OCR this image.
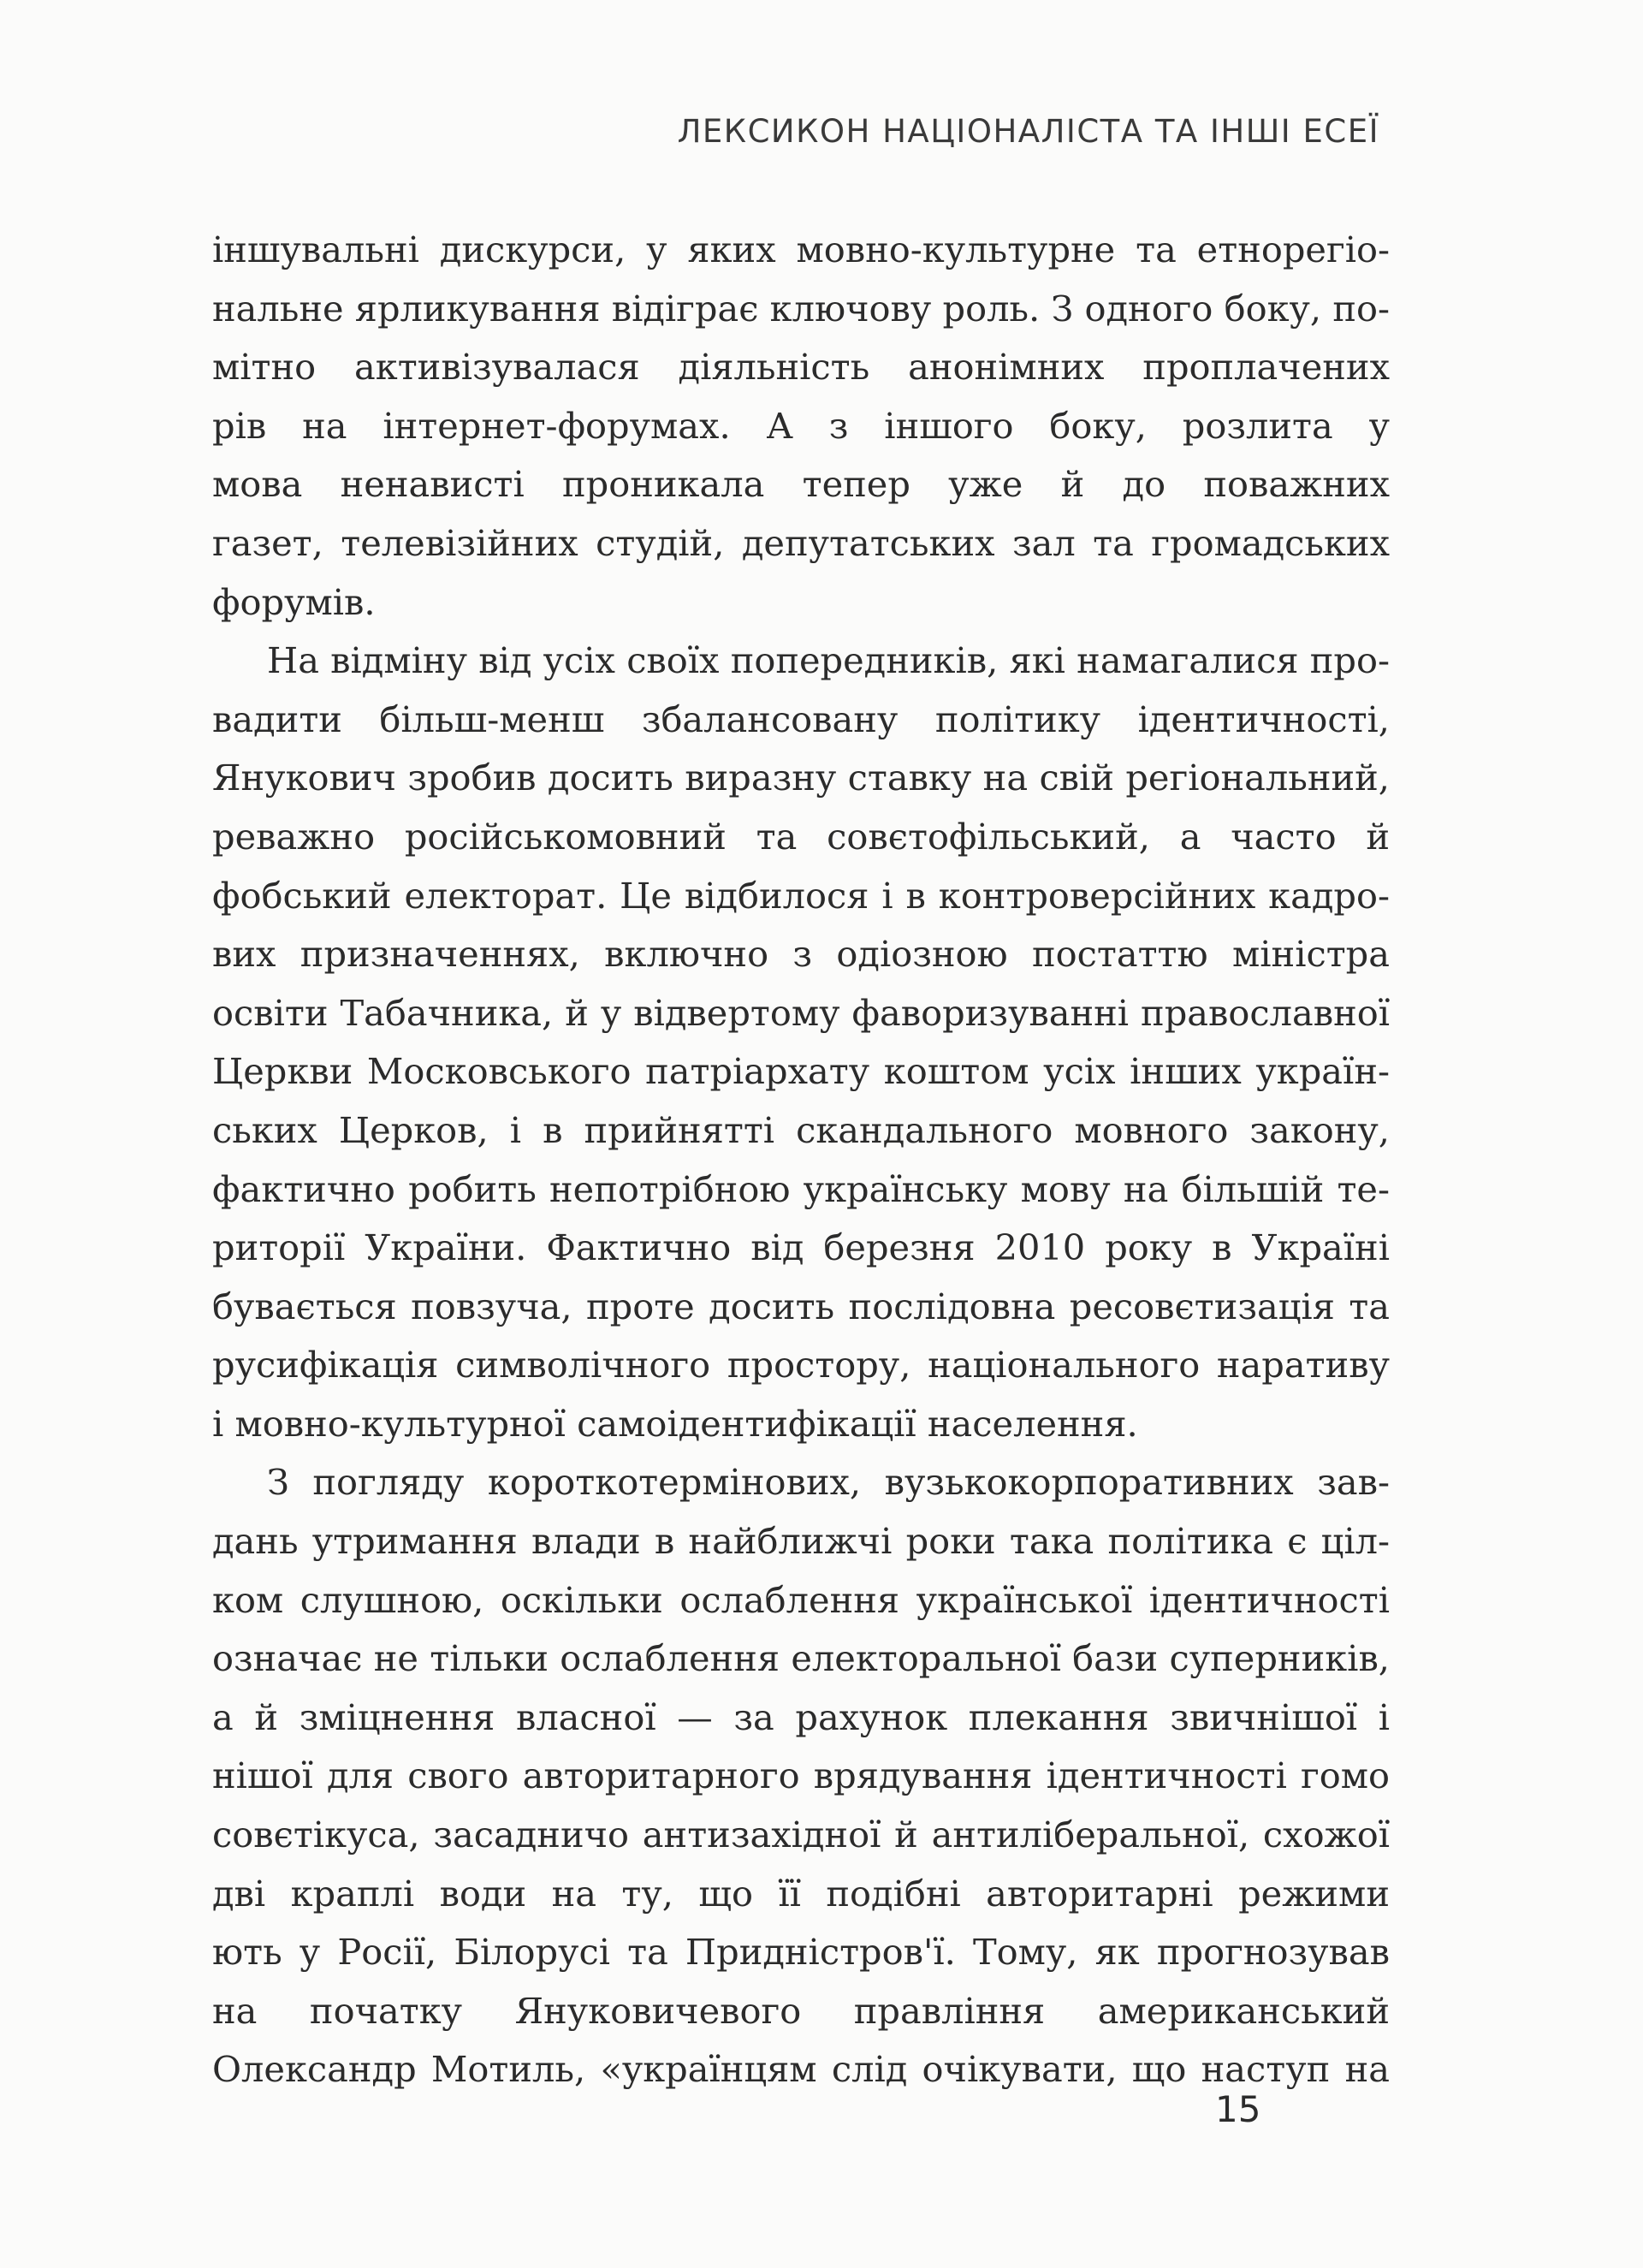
ЛЕКСИКОН НАЦІОНАЛІСТА ТА ІНШІ ЕСЕЇ
іншувальні дискурси, у яких мовно-культурне та етнорегіо-
нальне ярликування відіграє ключову роль. З одного боку, по-
мітно активізувалася діяльність анонімних проплачених
рів на інтернет-форумах. А з іншого боку, розлита у
мова ненависті проникала тепер уже й до поважних
газет, телевізійних студій, депутатських зал та громадських
форумів.
На відміну від усіх своїх попередників, які намагалися про-
вадити більш-менш збалансовану політику ідентичності,
Янукович зробив досить виразну ставку на свій регіональний,
реважно російськомовний та совєтофільський, а часто й
фобський електорат. Це відбилося і в контроверсійних кадро-
вих призначеннях, включно з одіозною постаттю міністра
освіти Табачника, й у відвертому фаворизуванні православної
Церкви Московського патріархату коштом усіх інших україн-
ських Церков, і в прийнятті скандального мовного закону,
фактично робить непотрібною українську мову на більшій те-
риторії України. Фактично від березня 2010 року в Україні
бувається повзуча, проте досить послідовна ресовєтизація та
русифікація символічного простору, національного наративу
і мовно-культурної самоідентифікації населення.
З погляду короткотермінових, вузькокорпоративних зав-
дань утримання влади в найближчі роки така політика є ціл-
ком слушною, оскільки ослаблення української ідентичності
означає не тільки ослаблення електоральної бази суперників,
а й зміцнення власної — за рахунок плекання звичнішої і
нішої для свого авторитарного врядування ідентичності гомо
совєтікуса, засадничо антизахідної й антиліберальної, схожої
дві краплі води на ту, що її подібні авторитарні режими
ють у Росії, Білорусі та Придністров'ї. Тому, як прогнозував
на початку Януковичевого правління американський
Олександр Мотиль, «українцям слід очікувати, що наступ на
15
